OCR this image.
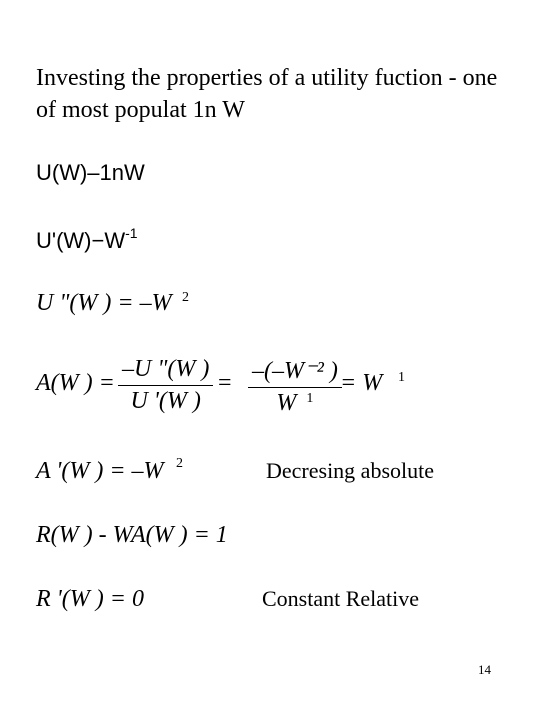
Investing the properties of a utility fuction - one of most populat 1n W
U(W)–1nW
$U'(W)-W^{-1}$
U "(W ) = –W 2
A(W ) =
–U "(W )
U '(W )
= –(–W⁻² )
W $^1$
= W 1
A '(W ) = –W 2	Decresing absolute
R(W ) - WA(W ) = 1
R '(W ) = 0	Constant Relative
14
